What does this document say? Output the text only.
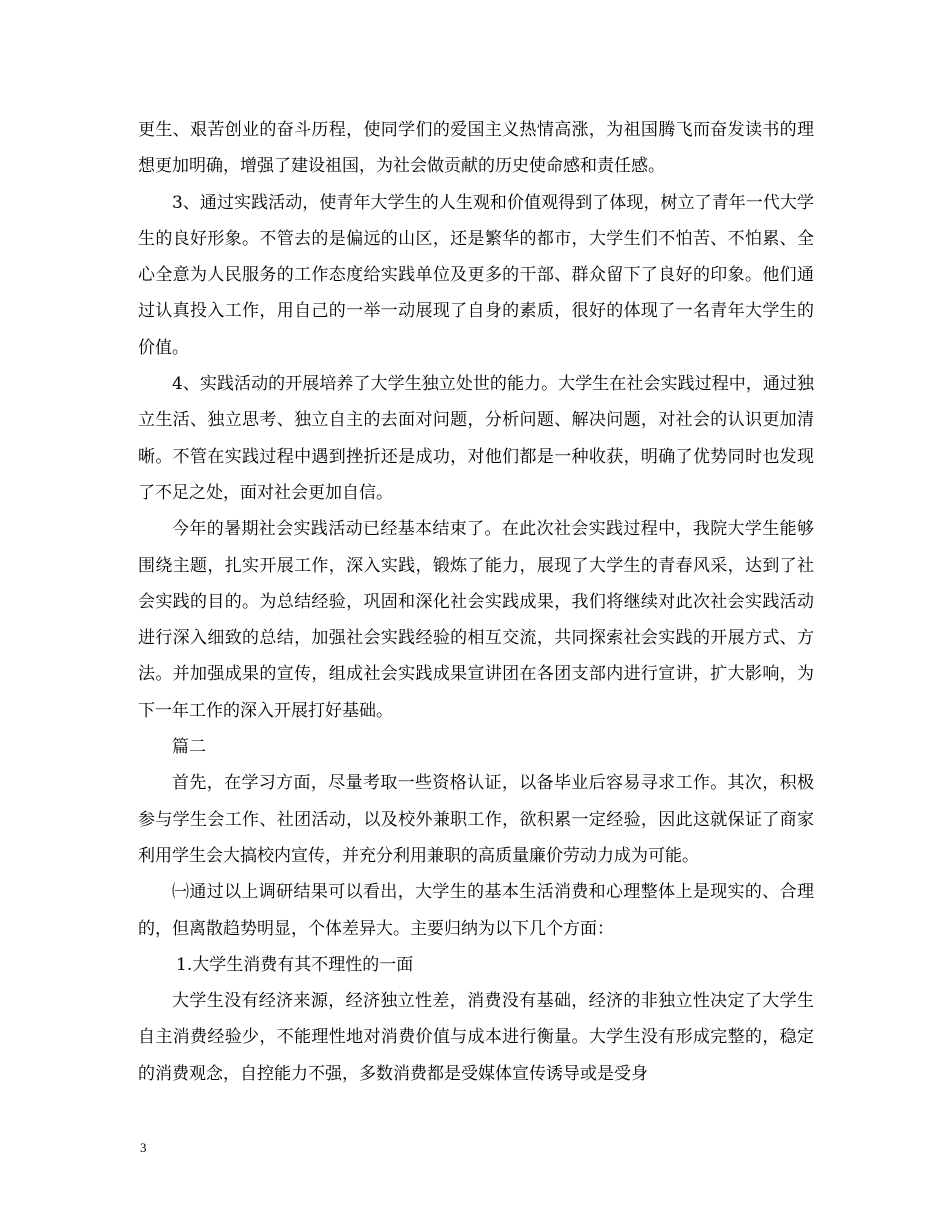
更生、艰苦创业的奋斗历程，使同学们的爱国主义热情高涨，为祖国腾飞而奋发读书的理想更加明确，增强了建设祖国，为社会做贡献的历史使命感和责任感。

3、通过实践活动，使青年大学生的人生观和价值观得到了体现，树立了青年一代大学生的良好形象。不管去的是偏远的山区，还是繁华的都市，大学生们不怕苦、不怕累、全心全意为人民服务的工作态度给实践单位及更多的干部、群众留下了良好的印象。他们通过认真投入工作，用自己的一举一动展现了自身的素质，很好的体现了一名青年大学生的价值。

4、实践活动的开展培养了大学生独立处世的能力。大学生在社会实践过程中，通过独立生活、独立思考、独立自主的去面对问题，分析问题、解决问题，对社会的认识更加清晰。不管在实践过程中遇到挫折还是成功，对他们都是一种收获，明确了优势同时也发现了不足之处，面对社会更加自信。

今年的暑期社会实践活动已经基本结束了。在此次社会实践过程中，我院大学生能够围绕主题，扎实开展工作，深入实践，锻炼了能力，展现了大学生的青春风采，达到了社会实践的目的。为总结经验，巩固和深化社会实践成果，我们将继续对此次社会实践活动进行深入细致的总结，加强社会实践经验的相互交流，共同探索社会实践的开展方式、方法。并加强成果的宣传，组成社会实践成果宣讲团在各团支部内进行宣讲，扩大影响，为下一年工作的深入开展打好基础。

篇二

首先，在学习方面，尽量考取一些资格认证，以备毕业后容易寻求工作。其次，积极参与学生会工作、社团活动，以及校外兼职工作，欲积累一定经验，因此这就保证了商家利用学生会大搞校内宣传，并充分利用兼职的高质量廉价劳动力成为可能。

㈠通过以上调研结果可以看出，大学生的基本生活消费和心理整体上是现实的、合理的，但离散趋势明显，个体差异大。主要归纳为以下几个方面：

1.大学生消费有其不理性的一面

大学生没有经济来源，经济独立性差，消费没有基础，经济的非独立性决定了大学生自主消费经验少，不能理性地对消费价值与成本进行衡量。大学生没有形成完整的，稳定的消费观念，自控能力不强，多数消费都是受媒体宣传诱导或是受身

3
